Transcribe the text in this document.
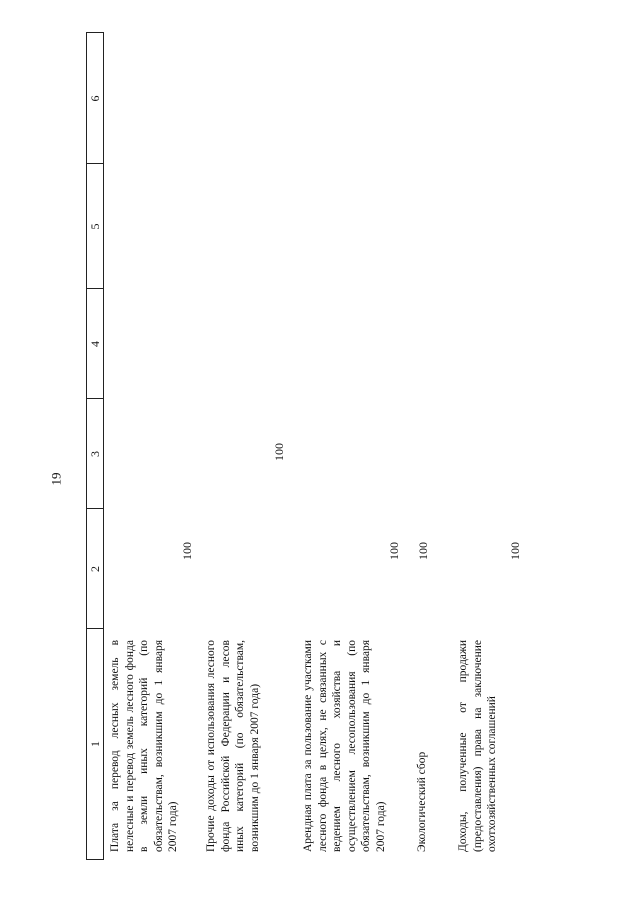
19
1
2
3
4
5
6
Плата за перевод лесных земель в нелесные и перевод земель лесного фонда в земли иных категорий (по обязательствам, возникшим до 1 января 2007 года)
100
Прочие доходы от использования лесного фонда Российской Федерации и лесов иных категорий (по обязательствам, возникшим до 1 января 2007 года)
100
Арендная плата за пользование участками лесного фонда в целях, не связанных с ведением лесного хозяйства и осуществлением лесопользования (по обязательствам, возникшим до 1 января 2007 года)
100
Экологический сбор
100
Доходы, полученные от продажи (предоставления) права на заключение охотхозяйственных соглашений
100
